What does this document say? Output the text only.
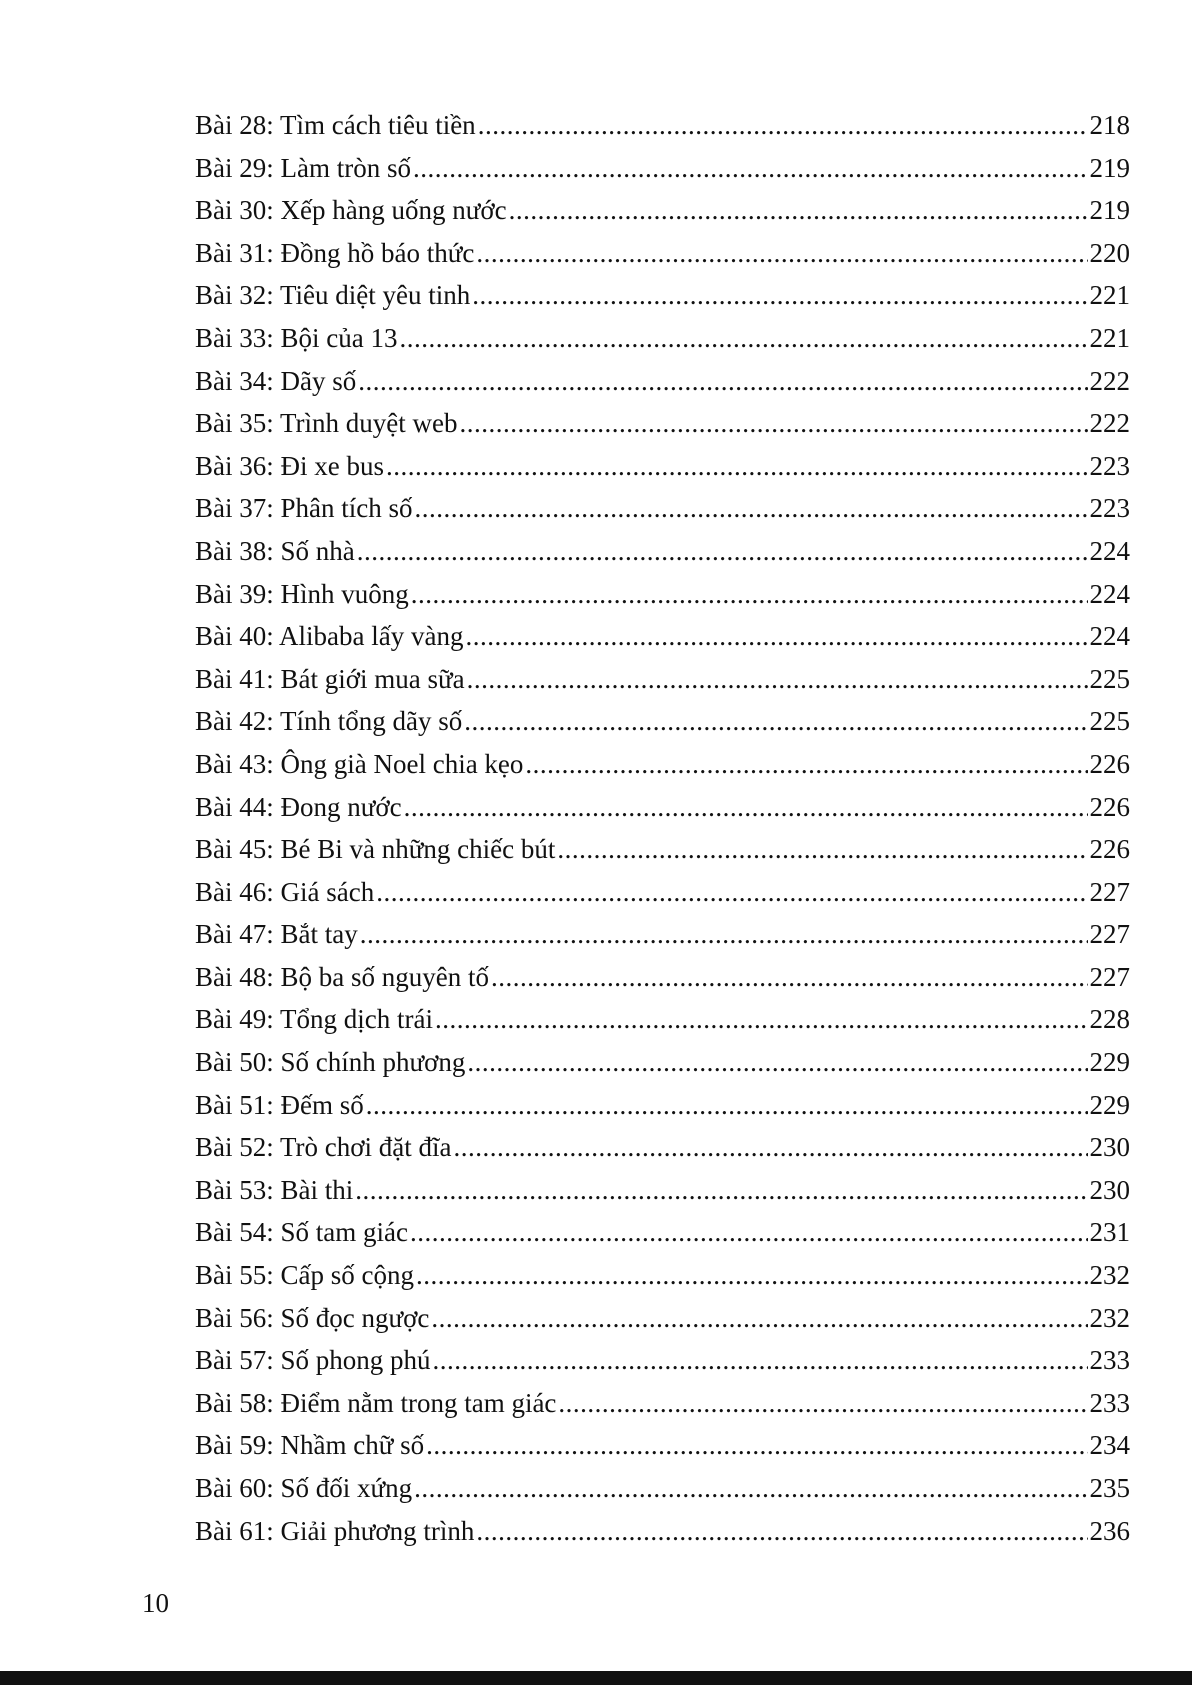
Bài 28: Tìm cách tiêu tiền .....	218
Bài 29: Làm tròn số .....	219
Bài 30: Xếp hàng uống nước .....	219
Bài 31: Đồng hồ báo thức .....	220
Bài 32: Tiêu diệt yêu tinh .....	221
Bài 33: Bội của 13 .....	221
Bài 34: Dãy số .....	222
Bài 35: Trình duyệt web .....	222
Bài 36: Đi xe bus .....	223
Bài 37: Phân tích số .....	223
Bài 38: Số nhà .....	224
Bài 39: Hình vuông .....	224
Bài 40: Alibaba lấy vàng .....	224
Bài 41: Bát giới mua sữa .....	225
Bài 42: Tính tổng dãy số .....	225
Bài 43: Ông già Noel chia kẹo .....	226
Bài 44: Đong nước .....	226
Bài 45: Bé Bi và những chiếc bút .....	226
Bài 46: Giá sách .....	227
Bài 47: Bắt tay .....	227
Bài 48: Bộ ba số nguyên tố .....	227
Bài 49: Tổng dịch trái .....	228
Bài 50: Số chính phương .....	229
Bài 51: Đếm số .....	229
Bài 52: Trò chơi đặt đĩa .....	230
Bài 53: Bài thi .....	230
Bài 54: Số tam giác .....	231
Bài 55: Cấp số cộng .....	232
Bài 56: Số đọc ngược .....	232
Bài 57: Số phong phú .....	233
Bài 58: Điểm nằm trong tam giác .....	233
Bài 59: Nhầm chữ số .....	234
Bài 60: Số đối xứng .....	235
Bài 61: Giải phương trình .....	236
10
